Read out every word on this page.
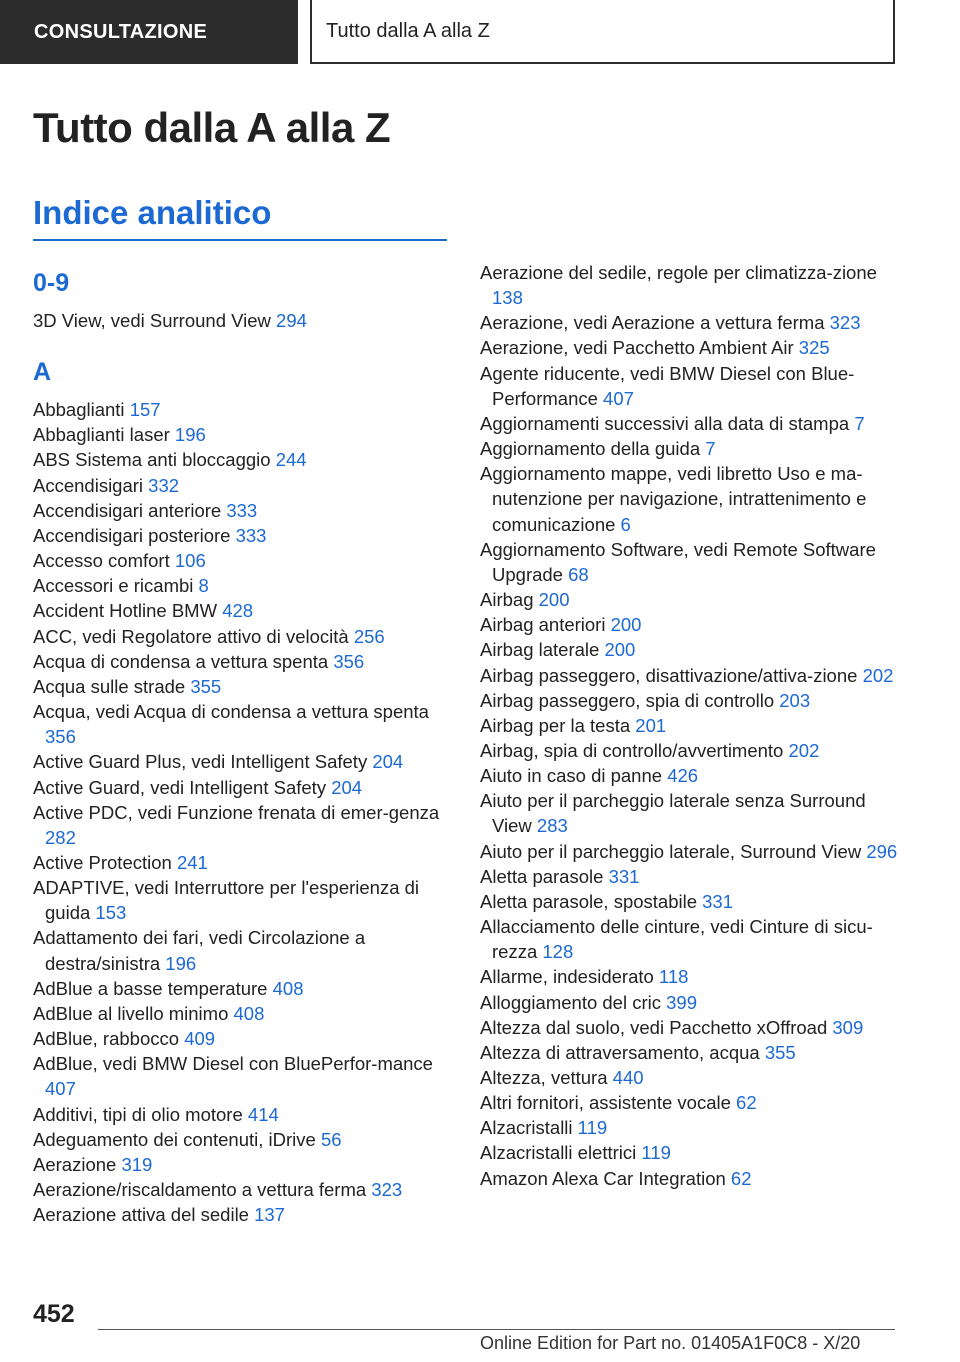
CONSULTAZIONE	Tutto dalla A alla Z
Tutto dalla A alla Z
Indice analitico
0-9
3D View, vedi Surround View 294
A
Abbaglianti 157
Abbaglianti laser 196
ABS Sistema anti bloccaggio 244
Accendisigari 332
Accendisigari anteriore 333
Accendisigari posteriore 333
Accesso comfort 106
Accessori e ricambi 8
Accident Hotline BMW 428
ACC, vedi Regolatore attivo di velocità 256
Acqua di condensa a vettura spenta 356
Acqua sulle strade 355
Acqua, vedi Acqua di condensa a vettura spenta 356
Active Guard Plus, vedi Intelligent Safety 204
Active Guard, vedi Intelligent Safety 204
Active PDC, vedi Funzione frenata di emer-genza 282
Active Protection 241
ADAPTIVE, vedi Interruttore per l'esperienza di guida 153
Adattamento dei fari, vedi Circolazione a destra/sinistra 196
AdBlue a basse temperature 408
AdBlue al livello minimo 408
AdBlue, rabbocco 409
AdBlue, vedi BMW Diesel con BluePerfor-mance 407
Additivi, tipi di olio motore 414
Adeguamento dei contenuti, iDrive 56
Aerazione 319
Aerazione/riscaldamento a vettura ferma 323
Aerazione attiva del sedile 137
Aerazione del sedile, regole per climatizza-zione 138
Aerazione, vedi Aerazione a vettura ferma 323
Aerazione, vedi Pacchetto Ambient Air 325
Agente riducente, vedi BMW Diesel con Blue-Performance 407
Aggiornamenti successivi alla data di stampa 7
Aggiornamento della guida 7
Aggiornamento mappe, vedi libretto Uso e ma-nutenzione per navigazione, intrattenimento e comunicazione 6
Aggiornamento Software, vedi Remote Software Upgrade 68
Airbag 200
Airbag anteriori 200
Airbag laterale 200
Airbag passeggero, disattivazione/attiva-zione 202
Airbag passeggero, spia di controllo 203
Airbag per la testa 201
Airbag, spia di controllo/avvertimento 202
Aiuto in caso di panne 426
Aiuto per il parcheggio laterale senza Surround View 283
Aiuto per il parcheggio laterale, Surround View 296
Aletta parasole 331
Aletta parasole, spostabile 331
Allacciamento delle cinture, vedi Cinture di sicu-rezza 128
Allarme, indesiderato 118
Alloggiamento del cric 399
Altezza dal suolo, vedi Pacchetto xOffroad 309
Altezza di attraversamento, acqua 355
Altezza, vettura 440
Altri fornitori, assistente vocale 62
Alzacristalli 119
Alzacristalli elettrici 119
Amazon Alexa Car Integration 62
452
Online Edition for Part no. 01405A1F0C8 - X/20
